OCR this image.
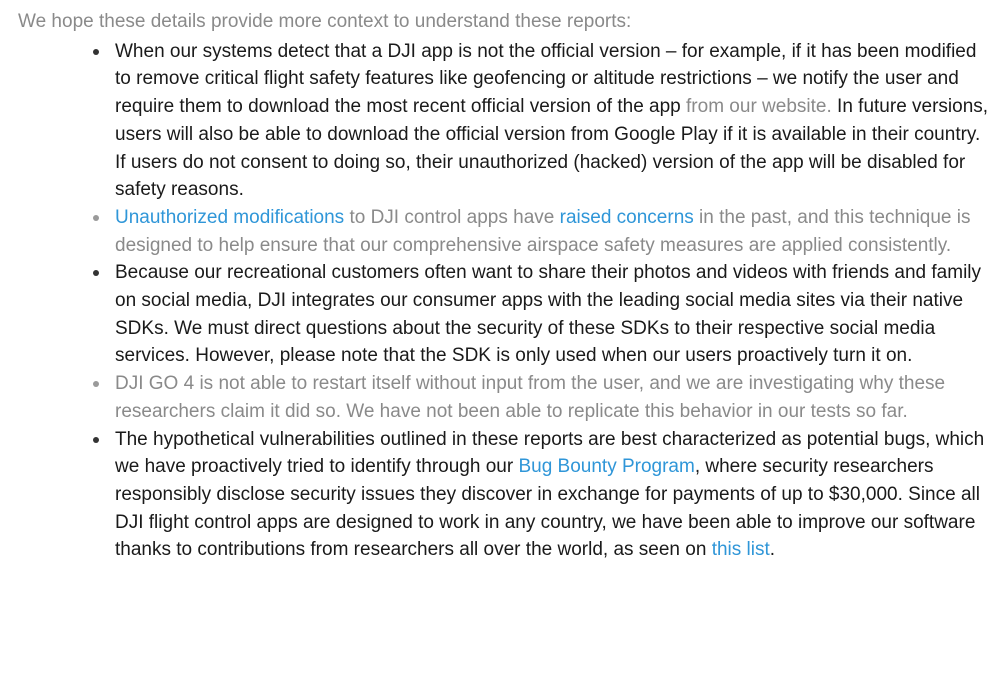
We hope these details provide more context to understand these reports:

When our systems detect that a DJI app is not the official version – for example, if it has been modified to remove critical flight safety features like geofencing or altitude restrictions – we notify the user and require them to download the most recent official version of the app from our website. In future versions, users will also be able to download the official version from Google Play if it is available in their country. If users do not consent to doing so, their unauthorized (hacked) version of the app will be disabled for safety reasons.
Unauthorized modifications to DJI control apps have raised concerns in the past, and this technique is designed to help ensure that our comprehensive airspace safety measures are applied consistently.
Because our recreational customers often want to share their photos and videos with friends and family on social media, DJI integrates our consumer apps with the leading social media sites via their native SDKs. We must direct questions about the security of these SDKs to their respective social media services. However, please note that the SDK is only used when our users proactively turn it on.
DJI GO 4 is not able to restart itself without input from the user, and we are investigating why these researchers claim it did so. We have not been able to replicate this behavior in our tests so far.
The hypothetical vulnerabilities outlined in these reports are best characterized as potential bugs, which we have proactively tried to identify through our Bug Bounty Program, where security researchers responsibly disclose security issues they discover in exchange for payments of up to $30,000. Since all DJI flight control apps are designed to work in any country, we have been able to improve our software thanks to contributions from researchers all over the world, as seen on this list.
